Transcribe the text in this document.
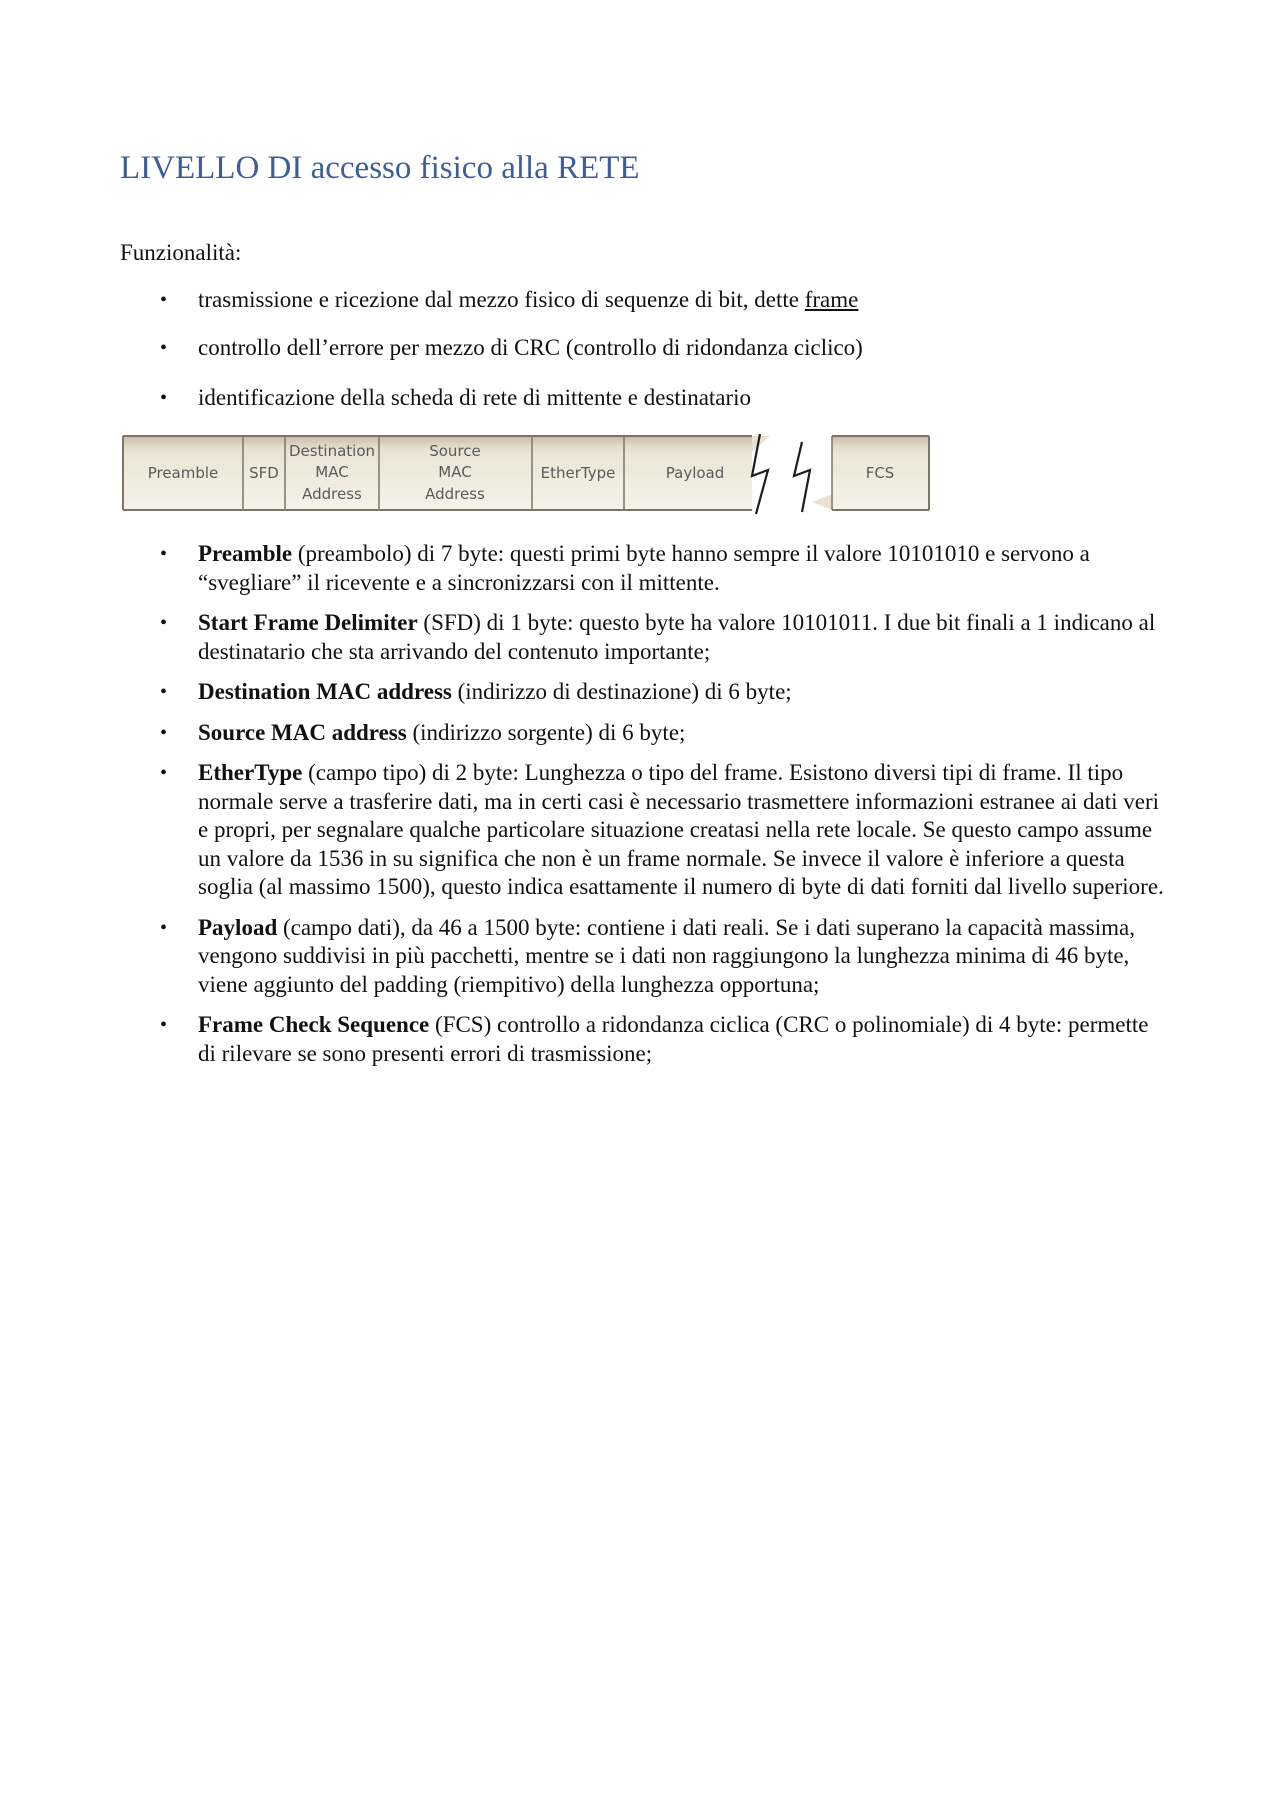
LIVELLO DI accesso fisico alla RETE

Funzionalità:

• trasmissione e ricezione dal mezzo fisico di sequenze di bit, dette frame
• controllo dell’errore per mezzo di CRC (controllo di ridondanza ciclico)
• identificazione della scheda di rete di mittente e destinatario
Preamble SFD
Destination
MAC
Address
Source
MAC
Address
EtherType	Payload	FCS
• Preamble (preambolo) di 7 byte: questi primi byte hanno sempre il valore 10101010 e servono a “svegliare” il ricevente e a sincronizzarsi con il mittente.
• Start Frame Delimiter (SFD) di 1 byte: questo byte ha valore 10101011. I due bit finali a 1 indicano al destinatario che sta arrivando del contenuto importante;
• Destination MAC address (indirizzo di destinazione) di 6 byte;
• Source MAC address (indirizzo sorgente) di 6 byte;
• EtherType (campo tipo) di 2 byte: Lunghezza o tipo del frame. Esistono diversi tipi di frame. Il tipo normale serve a trasferire dati, ma in certi casi è necessario trasmettere informazioni estranee ai dati veri e propri, per segnalare qualche particolare situazione creatasi nella rete locale. Se questo campo assume un valore da 1536 in su significa che non è un frame normale. Se invece il valore è inferiore a questa soglia (al massimo 1500), questo indica esattamente il numero di byte di dati forniti dal livello superiore.
• Payload (campo dati), da 46 a 1500 byte: contiene i dati reali. Se i dati superano la capacità massima, vengono suddivisi in più pacchetti, mentre se i dati non raggiungono la lunghezza minima di 46 byte, viene aggiunto del padding (riempitivo) della lunghezza opportuna;
• Frame Check Sequence (FCS) controllo a ridondanza ciclica (CRC o polinomiale) di 4 byte: permette di rilevare se sono presenti errori di trasmissione;
